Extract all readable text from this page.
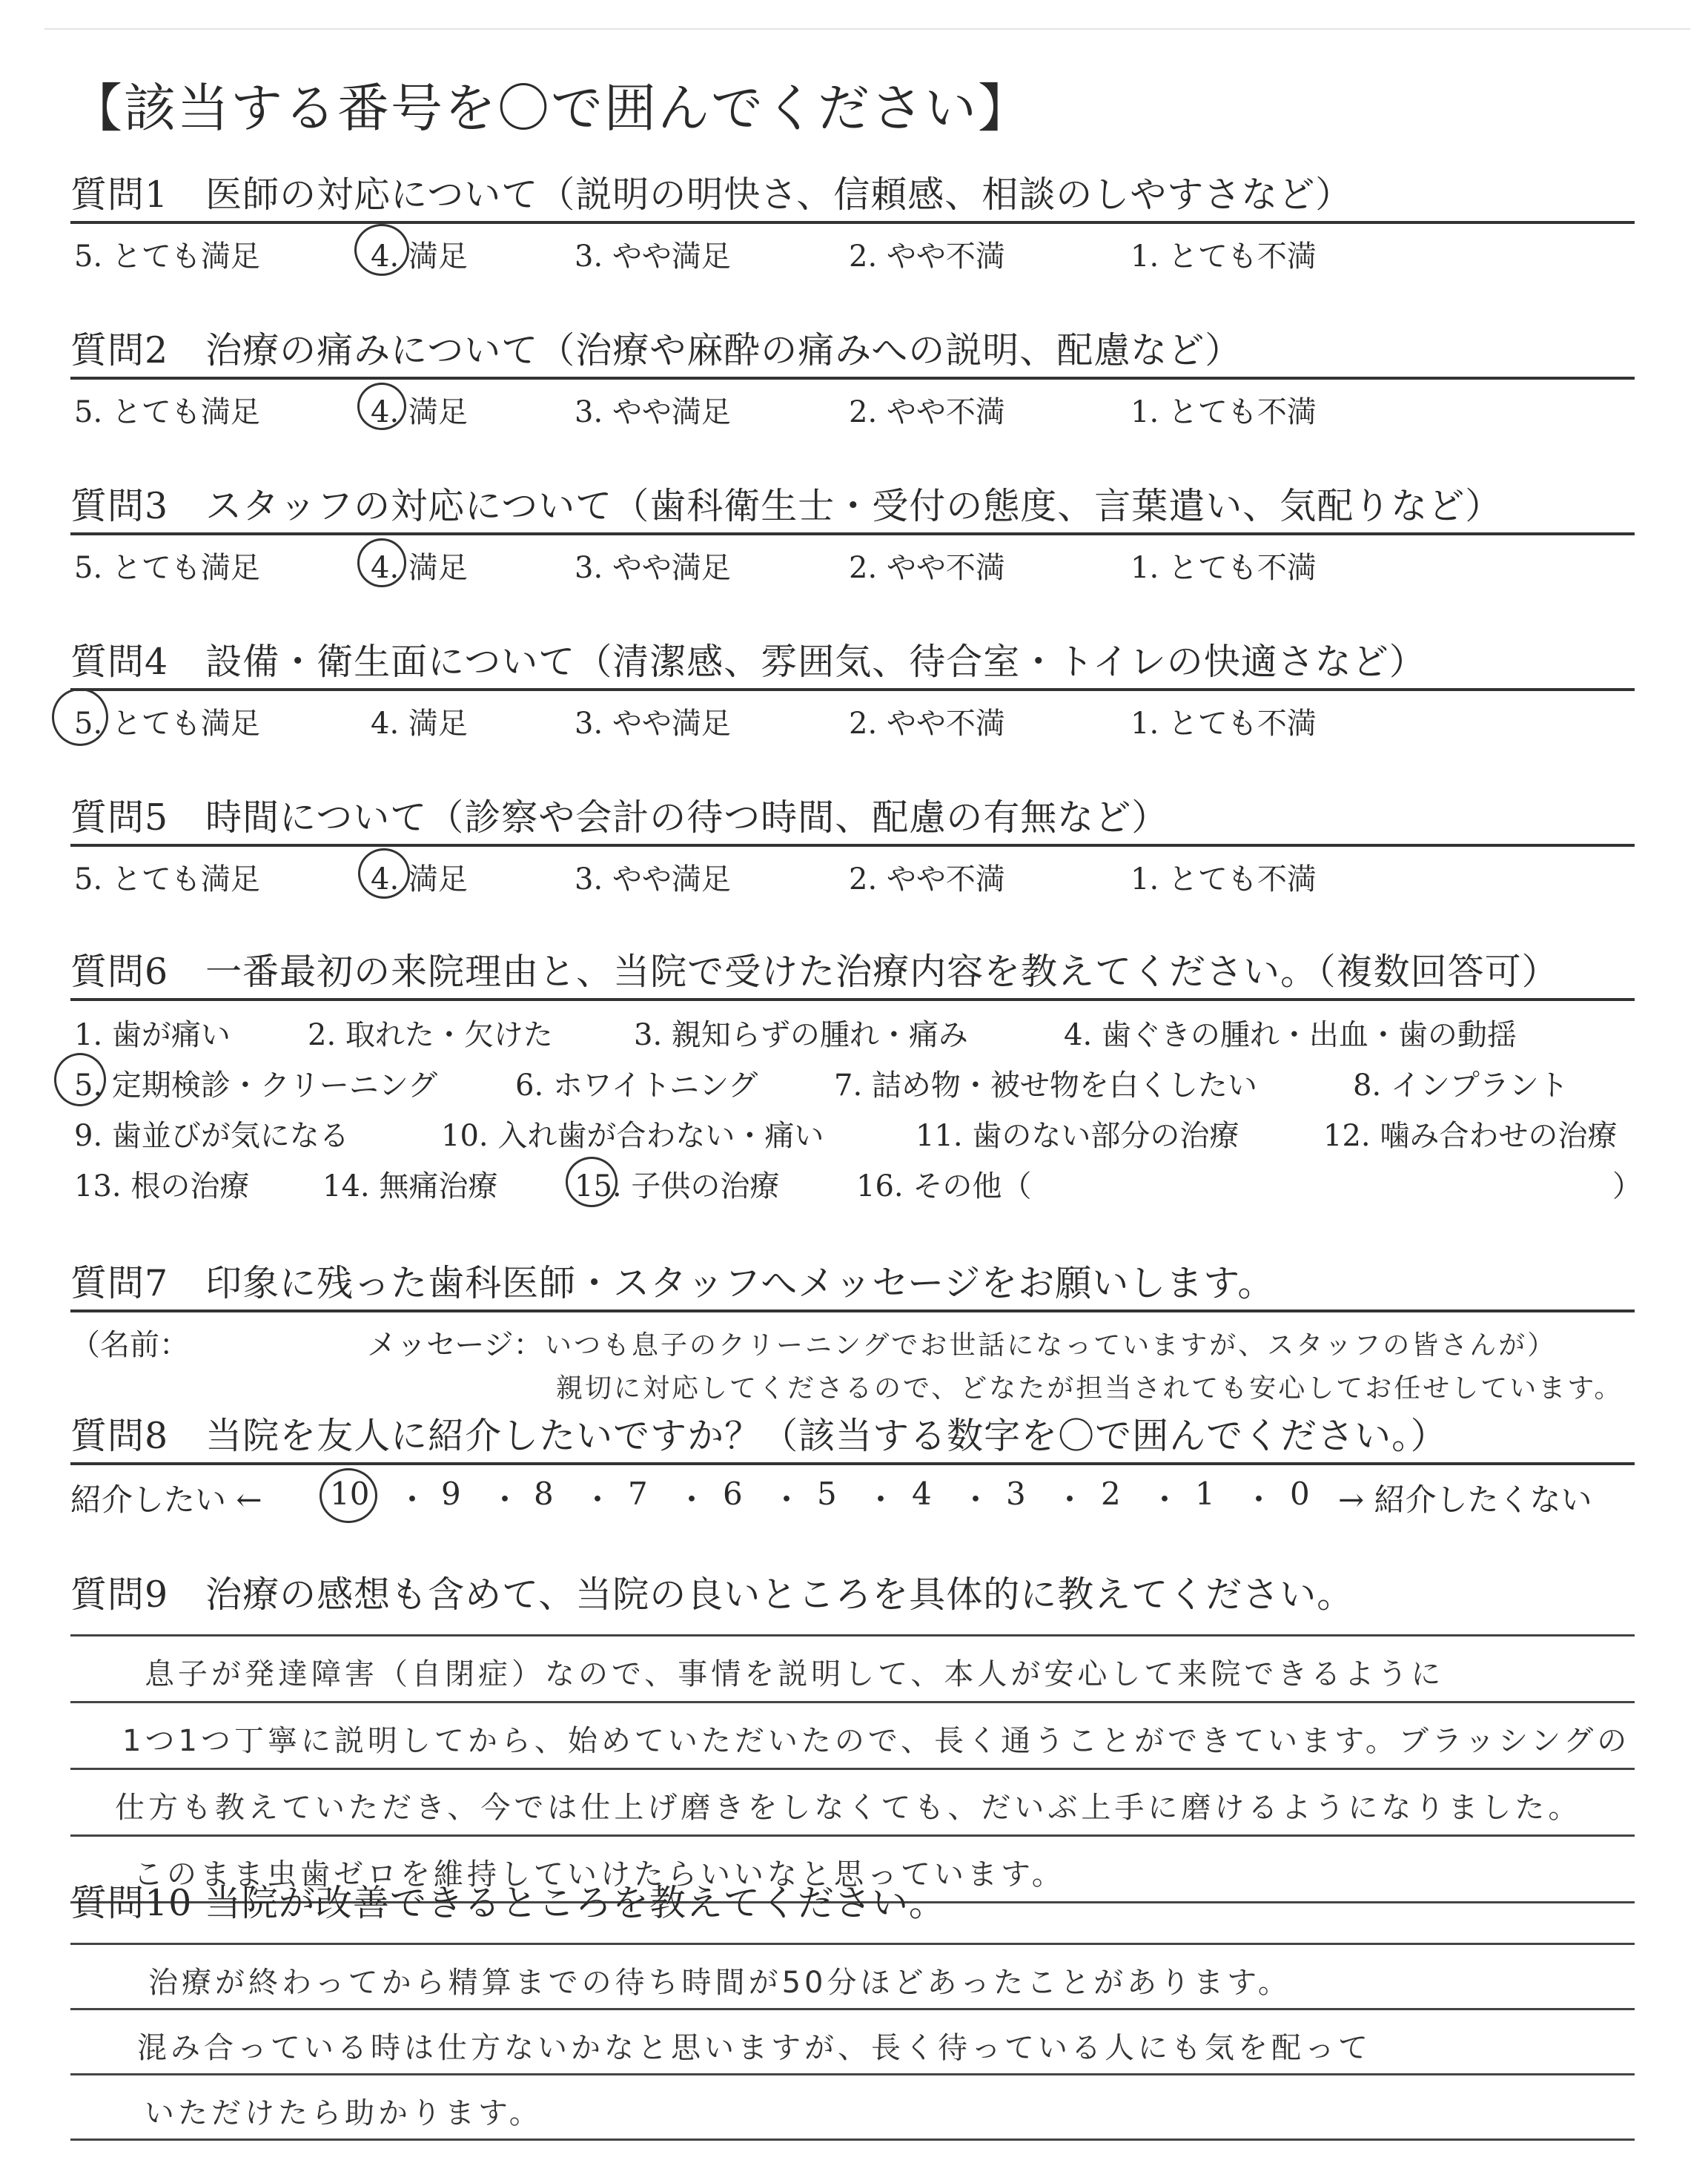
【該当する番号を〇で囲んでください】
質問1　医師の対応について（説明の明快さ、信頼感、相談のしやすさなど）
5. とても満足	4. 満足	3. やや満足	2. やや不満	1. とても不満
質問2　治療の痛みについて（治療や麻酔の痛みへの説明、配慮など）
5. とても満足	4. 満足	3. やや満足	2. やや不満	1. とても不満
質問3　スタッフの対応について（歯科衛生士・受付の態度、言葉遣い、気配りなど）
5. とても満足	4. 満足	3. やや満足	2. やや不満	1. とても不満
質問4　設備・衛生面について（清潔感、雰囲気、待合室・トイレの快適さなど）
5. とても満足	4. 満足	3. やや満足	2. やや不満	1. とても不満
質問5　時間について（診察や会計の待つ時間、配慮の有無など）
5. とても満足	4. 満足	3. やや満足	2. やや不満	1. とても不満
質問6　一番最初の来院理由と、当院で受けた治療内容を教えてください。（複数回答可）
1. 歯が痛い	2. 取れた・欠けた	3. 親知らずの腫れ・痛み	4. 歯ぐきの腫れ・出血・歯の動揺
5. 定期検診・クリーニング	6. ホワイトニング	7. 詰め物・被せ物を白くしたい	8. インプラント
9. 歯並びが気になる	10. 入れ歯が合わない・痛い	11. 歯のない部分の治療	12. 噛み合わせの治療
13. 根の治療 14. 無痛治療	15. 子供の治療	16. その他（	）
質問7　印象に残った歯科医師・スタッフへメッセージをお願いします。
（名前：	メッセージ： いつも息子のクリーニングでお世話になっていますが、スタッフの皆さんが）
親切に対応してくださるので、どなたが担当されても安心してお任せしています。
質問8　当院を友人に紹介したいですか？（該当する数字を〇で囲んでください。）
紹介したい ← 10 ・ 9 ・ 8 ・ 7 ・ 6 ・ 5 ・ 4 ・ 3 ・ 2 ・ 1 ・ 0 → 紹介したくない
質問9　治療の感想も含めて、当院の良いところを具体的に教えてください。
息子が発達障害（自閉症）なので、事情を説明して、本人が安心して来院できるように
1つ1つ丁寧に説明してから、始めていただいたので、長く通うことができています。ブラッシングの
仕方も教えていただき、今では仕上げ磨きをしなくても、だいぶ上手に磨けるようになりました。
このまま虫歯ゼロを維持していけたらいいなと思っています。
質問10 当院が改善できるところを教えてください。
治療が終わってから精算までの待ち時間が50分ほどあったことがあります。
混み合っている時は仕方ないかなと思いますが、長く待っている人にも気を配って
いただけたら助かります。
